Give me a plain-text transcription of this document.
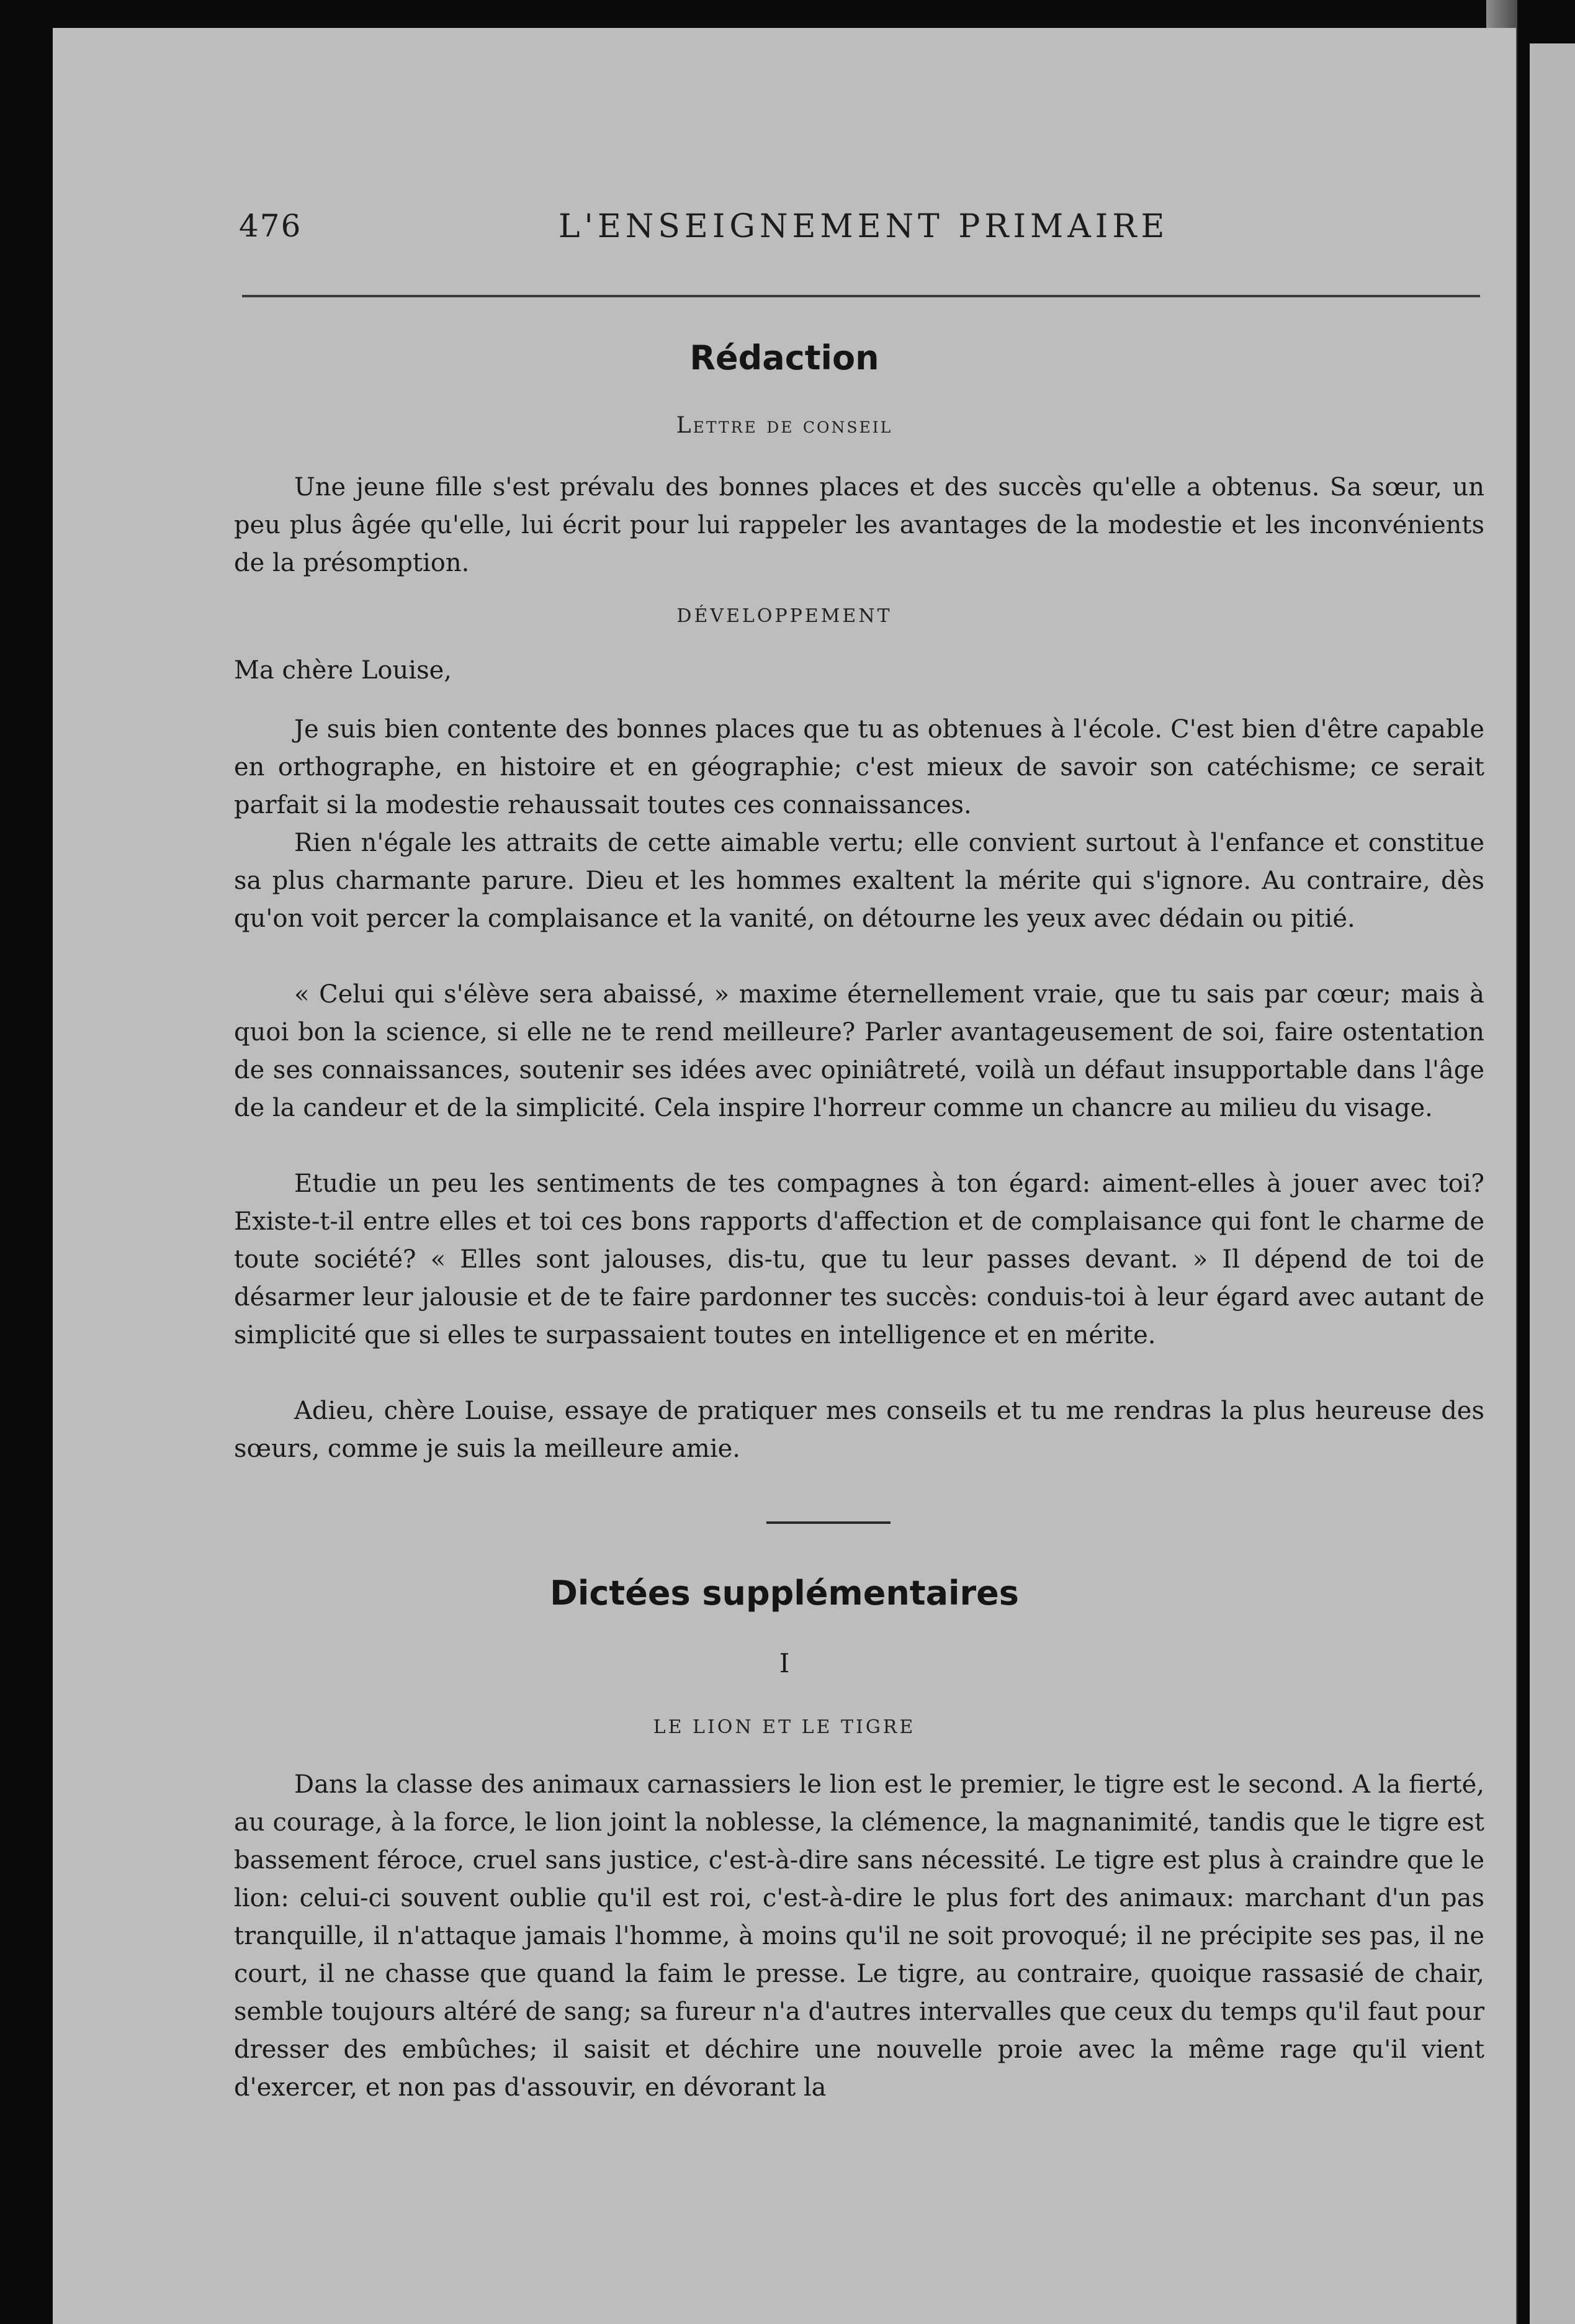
476	L'ENSEIGNEMENT PRIMAIRE
Rédaction
Lettre de conseil
Une jeune fille s'est prévalu des bonnes places et des succès qu'elle a obtenus. Sa sœur, un peu plus âgée qu'elle, lui écrit pour lui rappeler les avantages de la modestie et les inconvénients de la présomption.
DÉVELOPPEMENT
Ma chère Louise,
Je suis bien contente des bonnes places que tu as obtenues à l'école. C'est bien d'être capable en orthographe, en histoire et en géographie; c'est mieux de savoir son catéchisme; ce serait parfait si la modestie rehaussait toutes ces connaissances.
Rien n'égale les attraits de cette aimable vertu; elle convient surtout à l'enfance et constitue sa plus charmante parure. Dieu et les hommes exaltent la mérite qui s'ignore. Au contraire, dès qu'on voit percer la complaisance et la vanité, on détourne les yeux avec dédain ou pitié.
« Celui qui s'élève sera abaissé, » maxime éternellement vraie, que tu sais par cœur; mais à quoi bon la science, si elle ne te rend meilleure? Parler avantageusement de soi, faire ostentation de ses connaissances, soutenir ses idées avec opiniâtreté, voilà un défaut insupportable dans l'âge de la candeur et de la simplicité. Cela inspire l'horreur comme un chancre au milieu du visage.
Etudie un peu les sentiments de tes compagnes à ton égard: aiment-elles à jouer avec toi? Existe-t-il entre elles et toi ces bons rapports d'affection et de complaisance qui font le charme de toute société? « Elles sont jalouses, dis-tu, que tu leur passes devant. » Il dépend de toi de désarmer leur jalousie et de te faire pardonner tes succès: conduis-toi à leur égard avec autant de simplicité que si elles te surpassaient toutes en intelligence et en mérite.
Adieu, chère Louise, essaye de pratiquer mes conseils et tu me rendras la plus heureuse des sœurs, comme je suis la meilleure amie.
Dictées supplémentaires
I
LE LION ET LE TIGRE
Dans la classe des animaux carnassiers le lion est le premier, le tigre est le second. A la fierté, au courage, à la force, le lion joint la noblesse, la clémence, la magnanimité, tandis que le tigre est bassement féroce, cruel sans justice, c'est-à-dire sans nécessité. Le tigre est plus à craindre que le lion: celui-ci souvent oublie qu'il est roi, c'est-à-dire le plus fort des animaux: marchant d'un pas tranquille, il n'attaque jamais l'homme, à moins qu'il ne soit provoqué; il ne précipite ses pas, il ne court, il ne chasse que quand la faim le presse. Le tigre, au contraire, quoique rassasié de chair, semble toujours altéré de sang; sa fureur n'a d'autres intervalles que ceux du temps qu'il faut pour dresser des embûches; il saisit et déchire une nouvelle proie avec la même rage qu'il vient d'exercer, et non pas d'assouvir, en dévorant la
